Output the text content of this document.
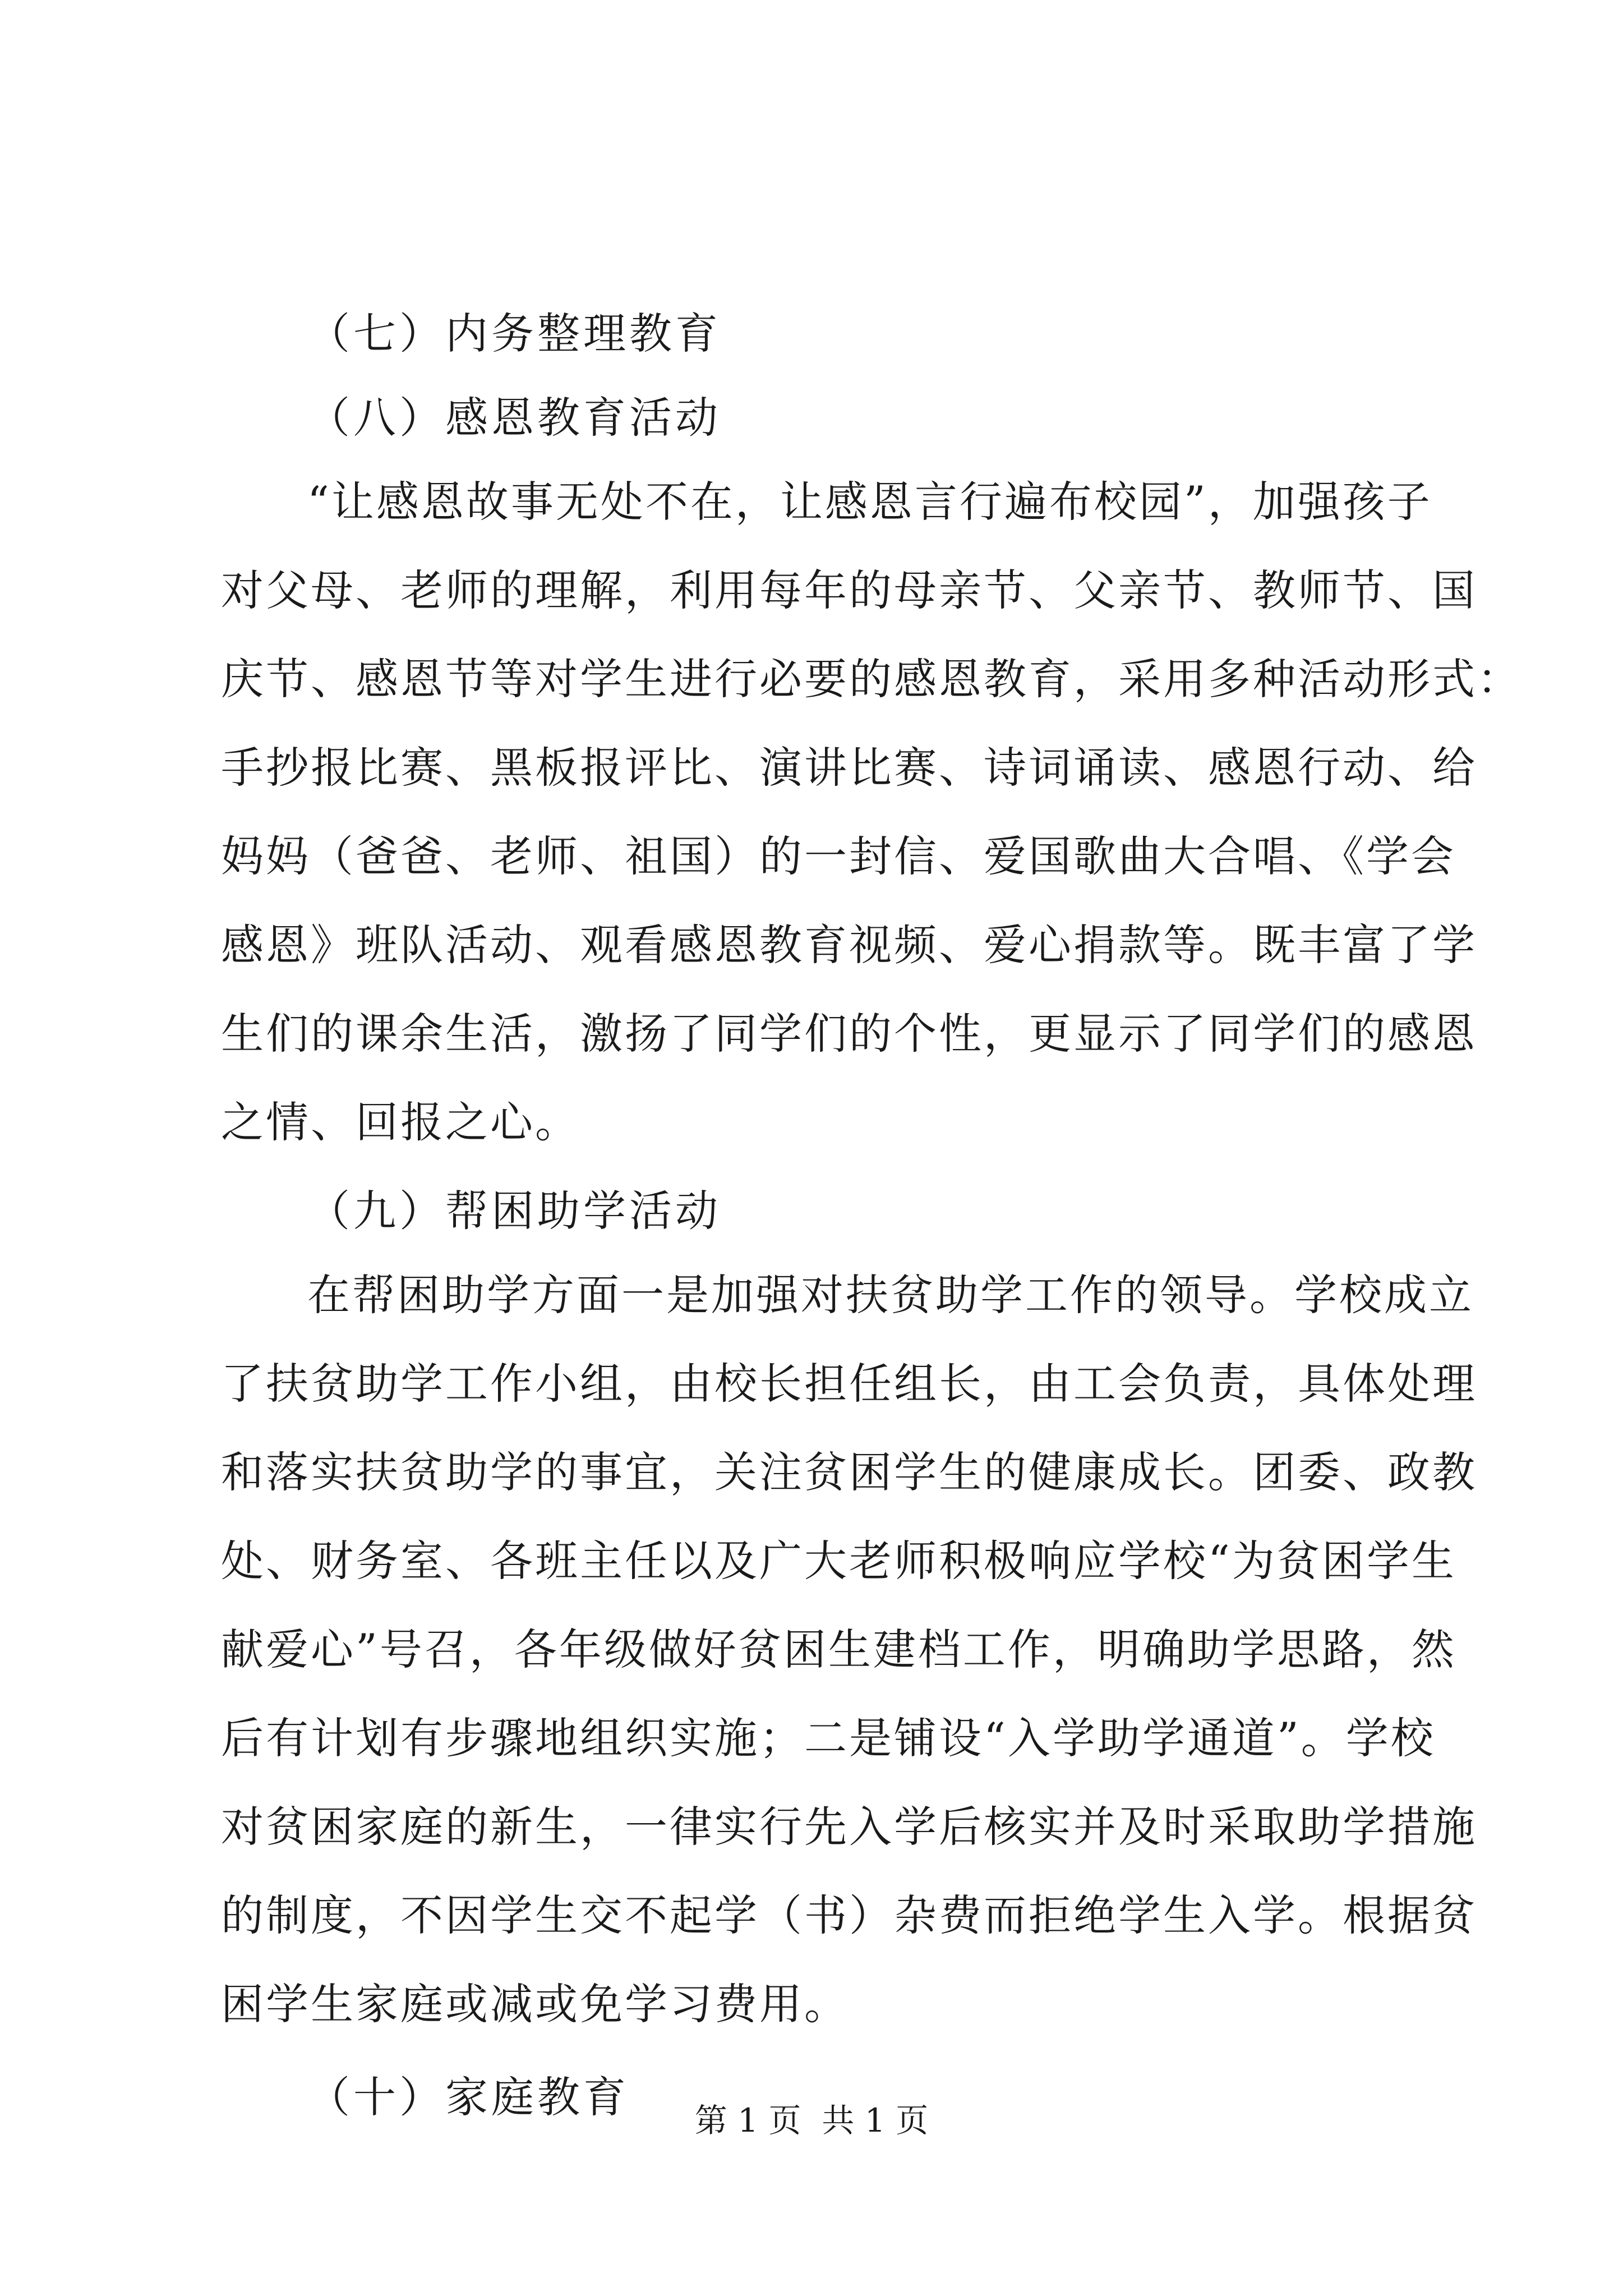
（七）内务整理教育
（八）感恩教育活动
“让感恩故事无处不在，让感恩言行遍布校园”，加强孩子
对父母、老师的理解，利用每年的母亲节、父亲节、教师节、国
庆节、感恩节等对学生进行必要的感恩教育，采用多种活动形式：
手抄报比赛、黑板报评比、演讲比赛、诗词诵读、感恩行动、给
妈妈（爸爸、老师、祖国）的一封信、爱国歌曲大合唱、《学会
感恩》班队活动、观看感恩教育视频、爱心捐款等。既丰富了学
生们的课余生活，激扬了同学们的个性，更显示了同学们的感恩
之情、回报之心。
（九）帮困助学活动
在帮困助学方面一是加强对扶贫助学工作的领导。学校成立
了扶贫助学工作小组，由校长担任组长，由工会负责，具体处理
和落实扶贫助学的事宜，关注贫困学生的健康成长。团委、政教
处、财务室、各班主任以及广大老师积极响应学校“为贫困学生
献爱心”号召，各年级做好贫困生建档工作，明确助学思路，然
后有计划有步骤地组织实施；二是铺设“入学助学通道”。学校
对贫困家庭的新生，一律实行先入学后核实并及时采取助学措施
的制度，不因学生交不起学（书）杂费而拒绝学生入学。根据贫
困学生家庭或减或免学习费用。
（十）家庭教育	第 1 页  共 1 页
